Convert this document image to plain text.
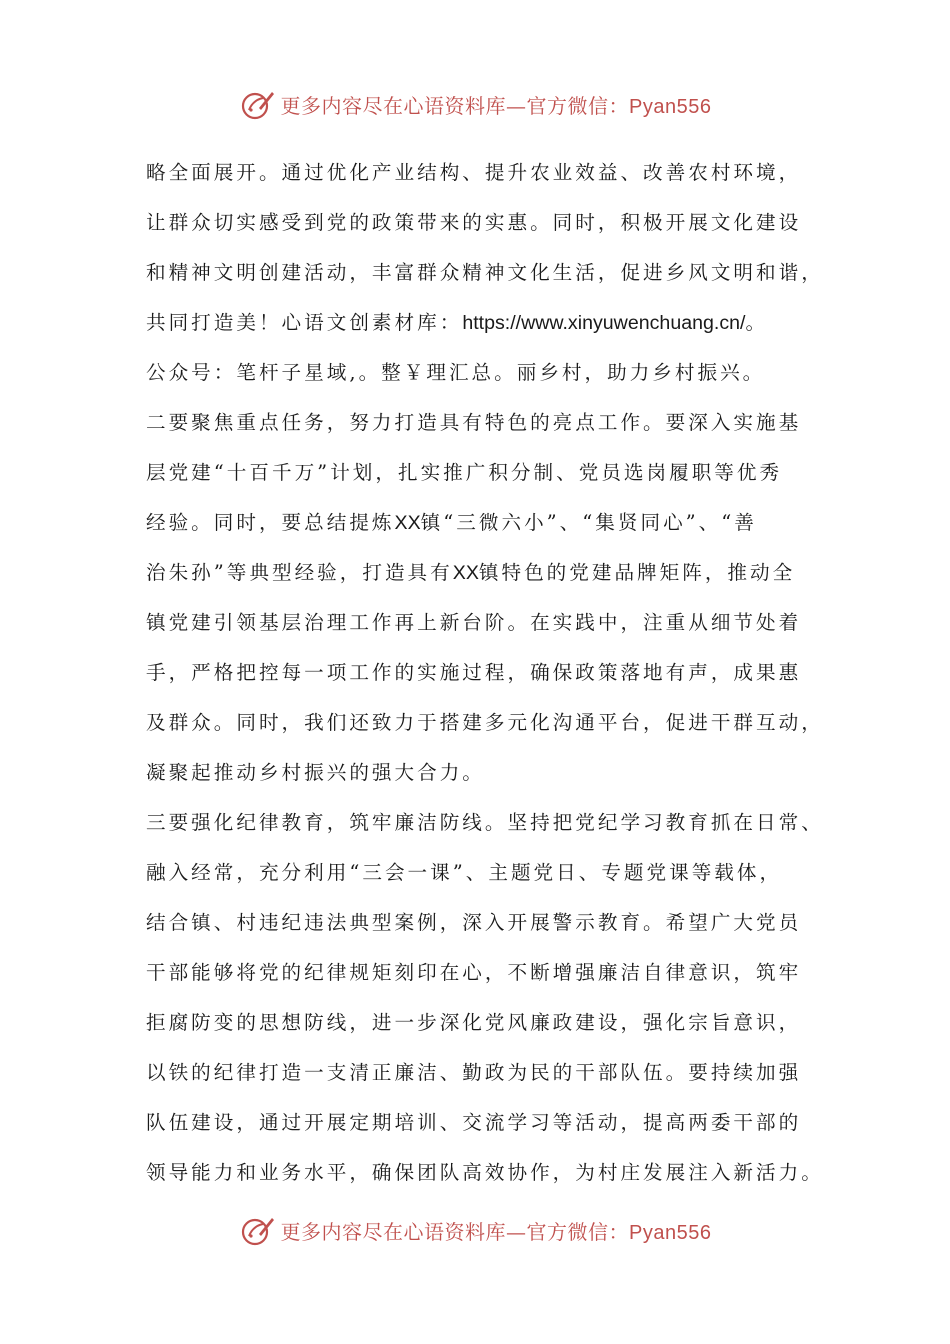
更多内容尽在心语资料库—官方微信：Pyan556
略全面展开。通过优化产业结构、提升农业效益、改善农村环境，
让群众切实感受到党的政策带来的实惠。同时，积极开展文化建设
和精神文明创建活动，丰富群众精神文化生活，促进乡风文明和谐，
共同打造美！心语文创素材库：https://www.xinyuwenchuang.cn/。
公众号：笔杆子星域,。整￥理汇总。丽乡村，助力乡村振兴。
二要聚焦重点任务，努力打造具有特色的亮点工作。要深入实施基
层党建“十百千万”计划，扎实推广积分制、党员选岗履职等优秀
经验。同时，要总结提炼XX镇“三微六小”、“集贤同心”、“善
治朱孙”等典型经验，打造具有XX镇特色的党建品牌矩阵，推动全
镇党建引领基层治理工作再上新台阶。在实践中，注重从细节处着
手，严格把控每一项工作的实施过程，确保政策落地有声，成果惠
及群众。同时，我们还致力于搭建多元化沟通平台，促进干群互动，
凝聚起推动乡村振兴的强大合力。
三要强化纪律教育，筑牢廉洁防线。坚持把党纪学习教育抓在日常、
融入经常，充分利用“三会一课”、主题党日、专题党课等载体，
结合镇、村违纪违法典型案例，深入开展警示教育。希望广大党员
干部能够将党的纪律规矩刻印在心，不断增强廉洁自律意识，筑牢
拒腐防变的思想防线，进一步深化党风廉政建设，强化宗旨意识，
以铁的纪律打造一支清正廉洁、勤政为民的干部队伍。要持续加强
队伍建设，通过开展定期培训、交流学习等活动，提高两委干部的
领导能力和业务水平，确保团队高效协作，为村庄发展注入新活力。
更多内容尽在心语资料库—官方微信：Pyan556
